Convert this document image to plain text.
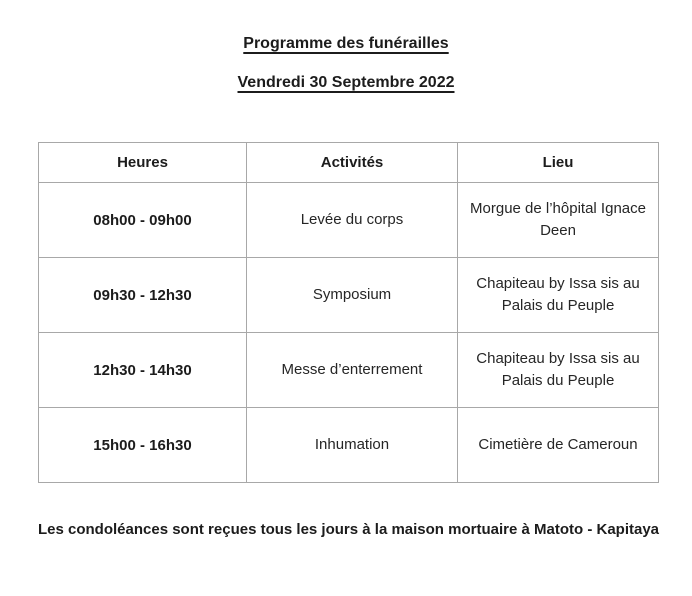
Programme des funérailles
Vendredi 30 Septembre 2022
Heures	Activités	Lieu
08h00 - 09h00	Levée du corps	Morgue de l’hôpital Ignace Deen
09h30 - 12h30	Symposium	Chapiteau by Issa sis au Palais du Peuple
12h30 - 14h30	Messe d’enterrement	Chapiteau by Issa sis au Palais du Peuple
15h00 - 16h30	Inhumation	Cimetière de Cameroun
Les condoléances sont reçues tous les jours à la maison mortuaire à Matoto - Kapitaya
